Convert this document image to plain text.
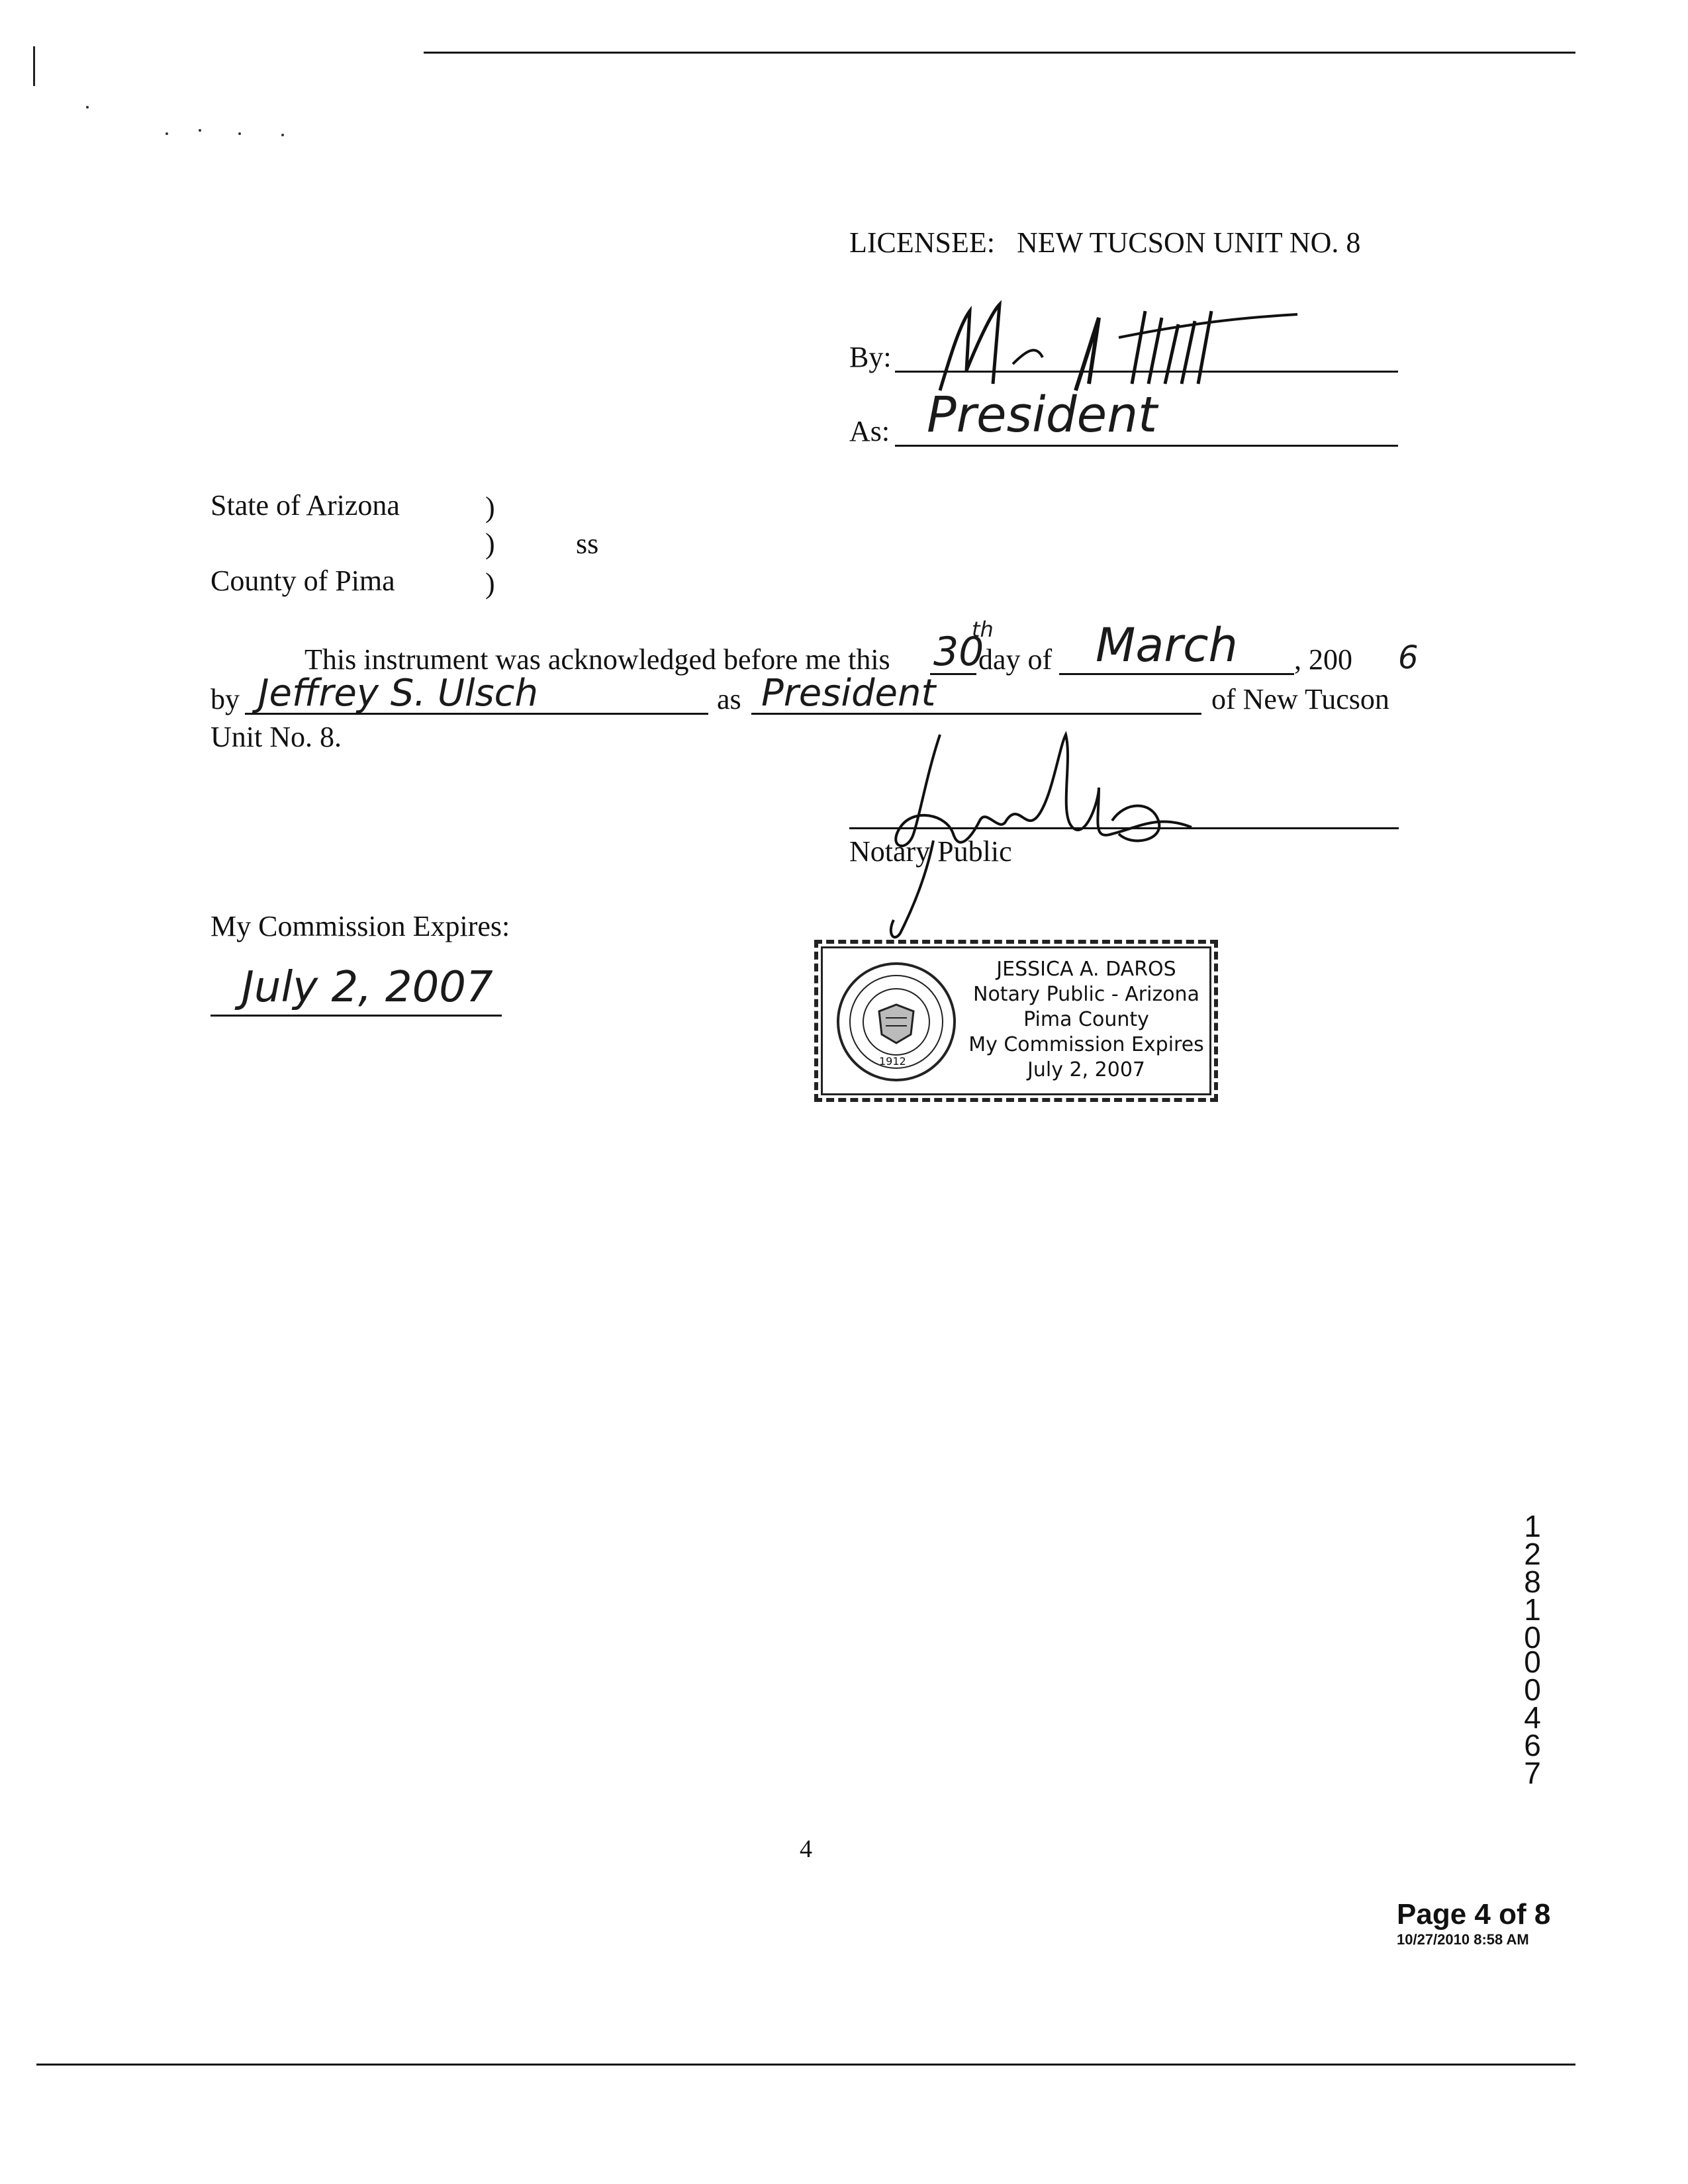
LICENSEE: NEW TUCSON UNIT NO. 8
By:
As: President
State of Arizona	)
)	ss
County of Pima	)
This instrument was acknowledged before me this 30
th
day of March , 200 6
by Jeffrey S. Ulsch	as President	of New Tucson
Unit No. 8.
Notary Public
My Commission Expires:
July 2, 2007
1912
JESSICA A. DAROS
Notary Public - Arizona
Pima County
My Commission Expires
July 2, 2007
12810
00467
4
Page 4 of 8
10/27/2010 8:58 AM
